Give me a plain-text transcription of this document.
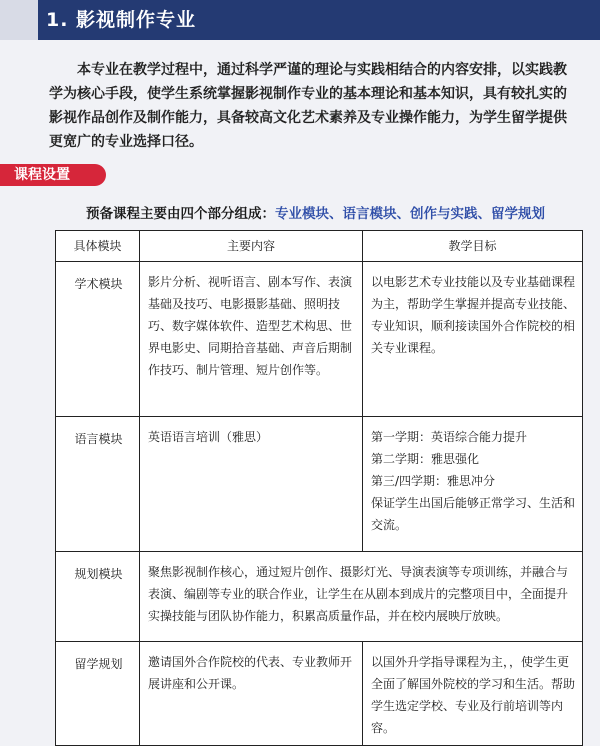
1. 影视制作专业

本专业在教学过程中，通过科学严谨的理论与实践相结合的内容安排，以实践教学为核心手段，使学生系统掌握影视制作专业的基本理论和基本知识，具有较扎实的影视作品创作及制作能力，具备较高文化艺术素养及专业操作能力，为学生留学提供更宽广的专业选择口径。

课程设置
预备课程主要由四个部分组成：专业模块、语言模块、创作与实践、留学规划
具体模块	主要内容	教学目标
学术模块	影片分析、视听语言、剧本写作、表演基础及技巧、电影摄影基础、照明技巧、数字媒体软件、造型艺术构思、世界电影史、同期拾音基础、声音后期制作技巧、制片管理、短片创作等。	以电影艺术专业技能以及专业基础课程为主，帮助学生掌握并提高专业技能、专业知识，顺利接读国外合作院校的相关专业课程。
语言模块	英语语言培训（雅思）	第一学期：英语综合能力提升
第二学期：雅思强化
第三/四学期：雅思冲分
保证学生出国后能够正常学习、生活和交流。

规划模块	聚焦影视制作核心，通过短片创作、摄影灯光、导演表演等专项训练，并融合与表演、编剧等专业的联合作业，让学生在从剧本到成片的完整项目中，全面提升实操技能与团队协作能力，积累高质量作品，并在校内展映厅放映。	
留学规划	邀请国外合作院校的代表、专业教师开展讲座和公开课。	以国外升学指导课程为主，，使学生更全面了解国外院校的学习和生活。帮助学生选定学校、专业及行前培训等内容。
